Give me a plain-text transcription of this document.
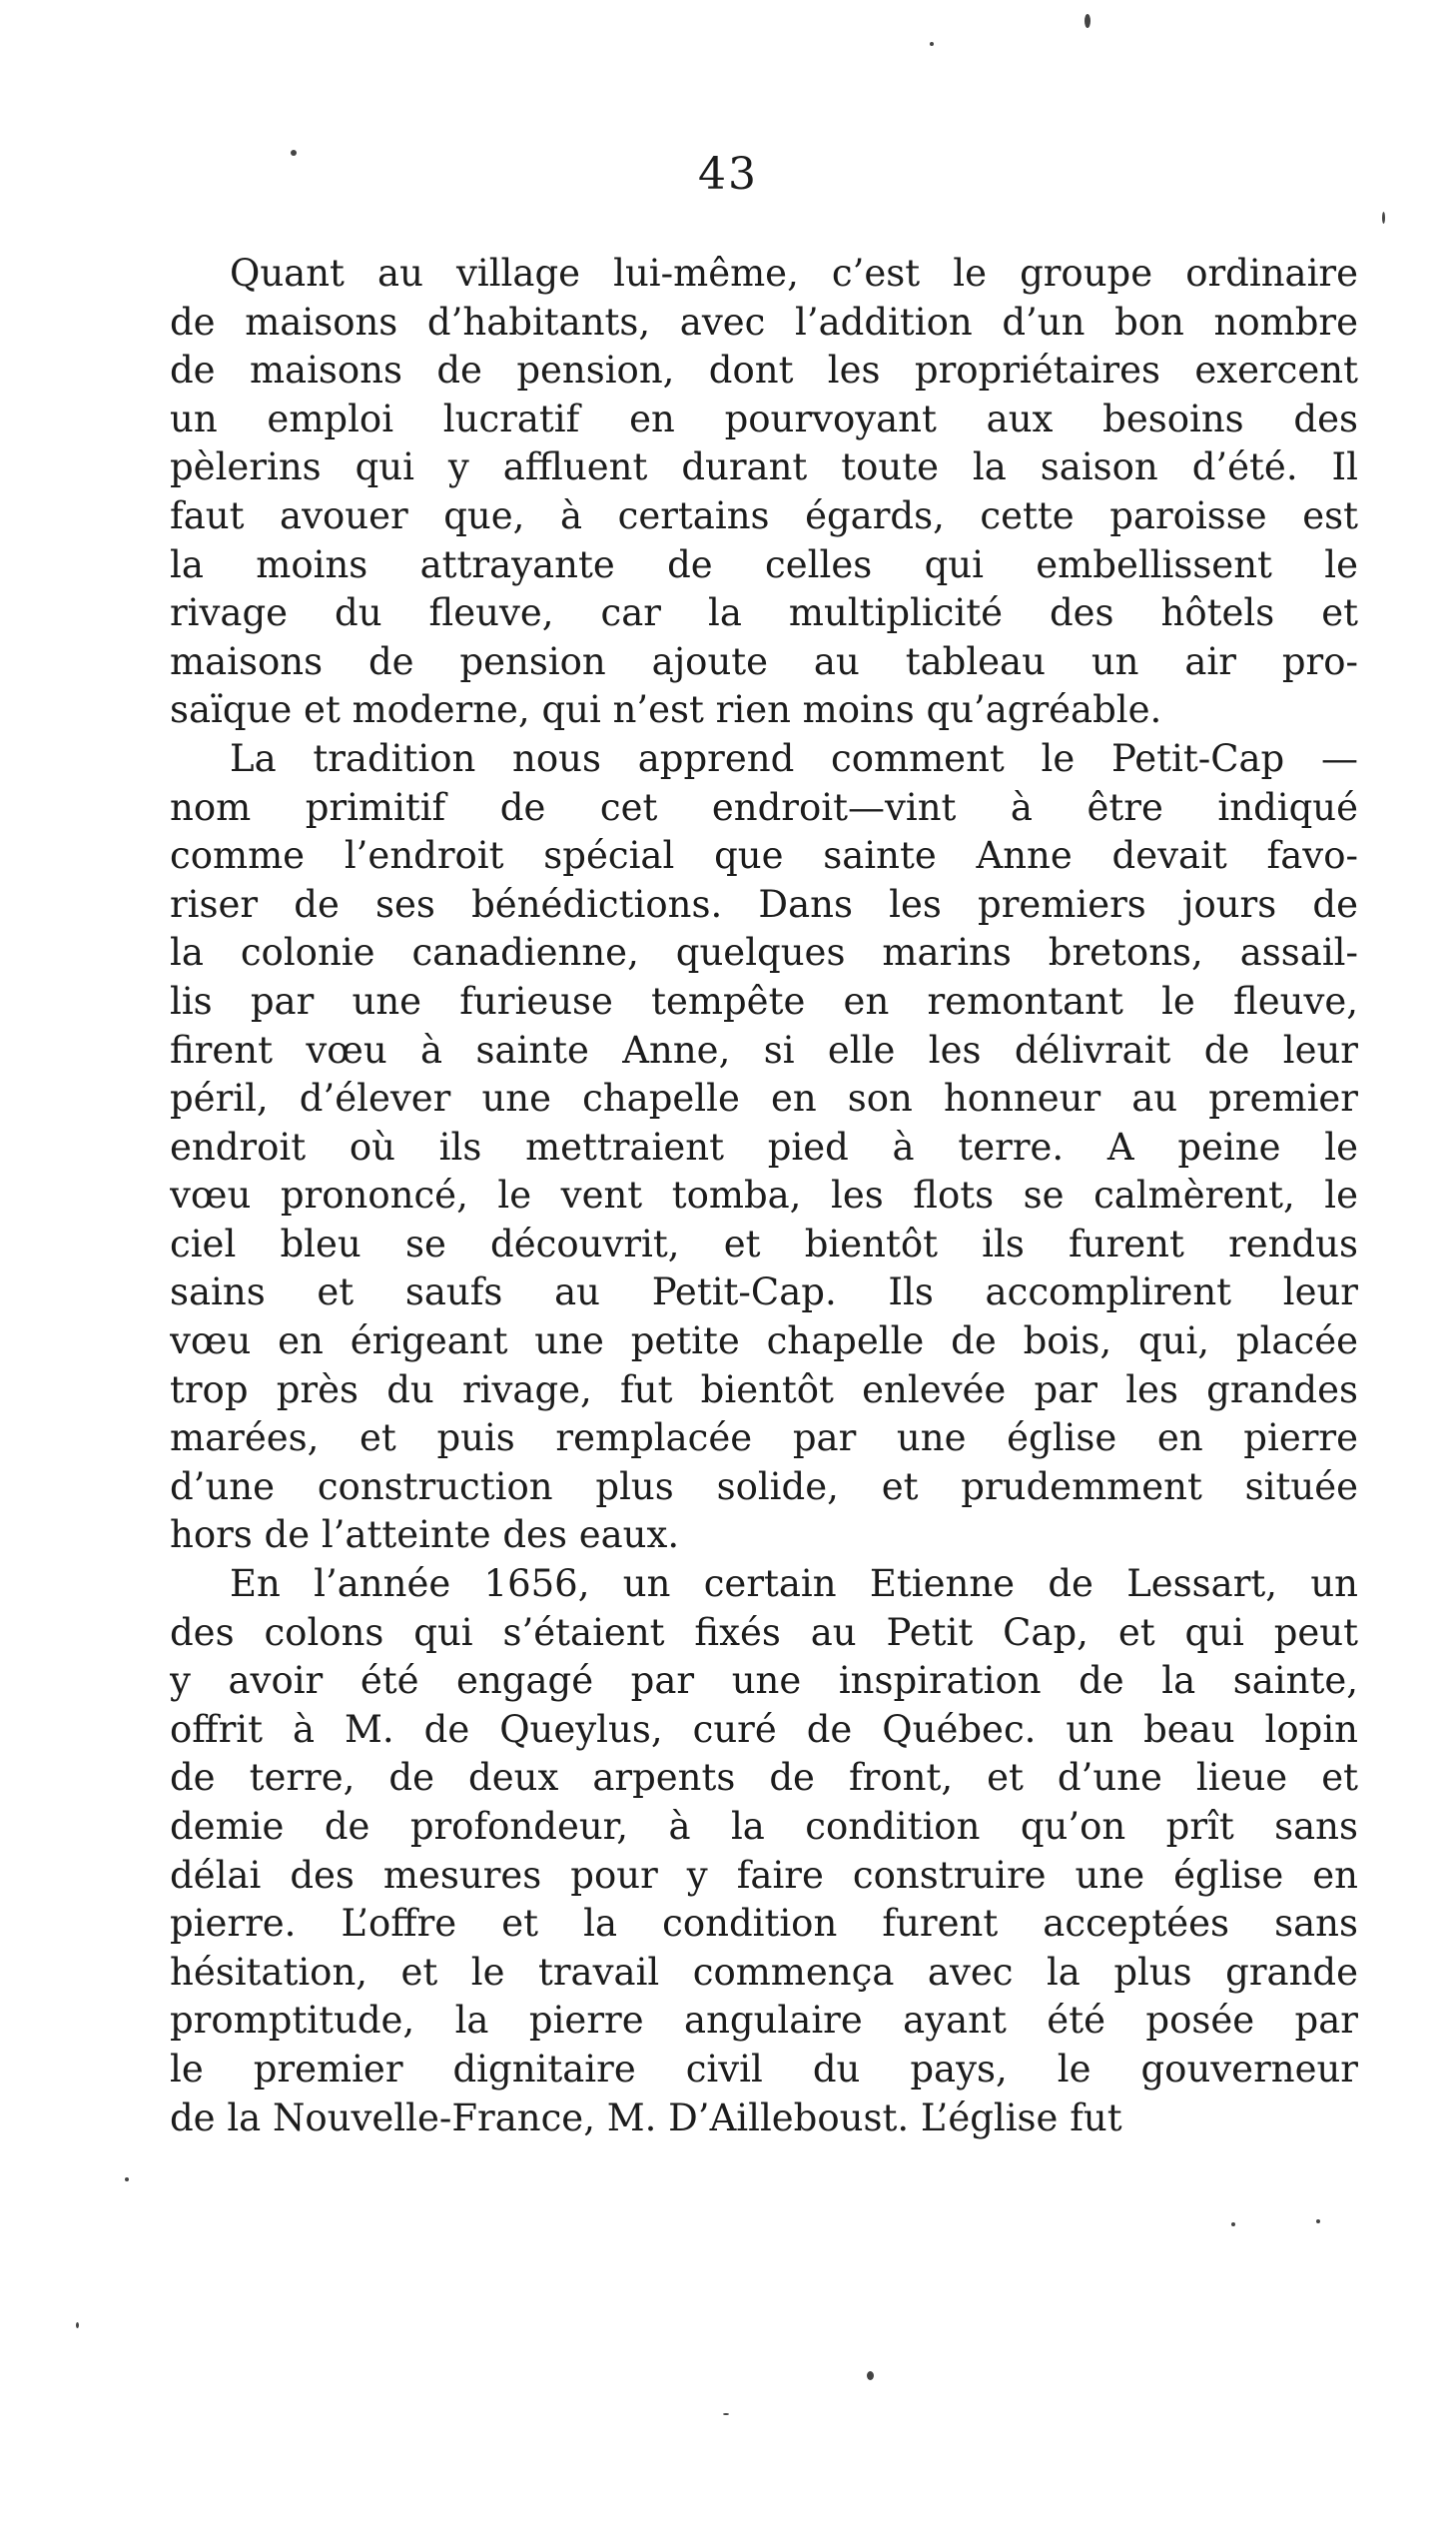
43
Quant au village lui-même, c’est le groupe ordinaire
de maisons d’habitants, avec l’addition d’un bon nombre
de maisons de pension, dont les propriétaires exercent
un emploi lucratif en pourvoyant aux besoins des
pèlerins qui y affluent durant toute la saison d’été. Il
faut avouer que, à certains égards, cette paroisse est
la moins attrayante de celles qui embellissent le
rivage du fleuve, car la multiplicité des hôtels et
maisons de pension ajoute au tableau un air pro-
saïque et moderne, qui n’est rien moins qu’agréable.
La tradition nous apprend comment le Petit-Cap —
nom primitif de cet endroit—vint à être indiqué
comme l’endroit spécial que sainte Anne devait favo-
riser de ses bénédictions. Dans les premiers jours de
la colonie canadienne, quelques marins bretons, assail-
lis par une furieuse tempête en remontant le fleuve,
firent vœu à sainte Anne, si elle les délivrait de leur
péril, d’élever une chapelle en son honneur au premier
endroit où ils mettraient pied à terre. A peine le
vœu prononcé, le vent tomba, les flots se calmèrent, le
ciel bleu se découvrit, et bientôt ils furent rendus
sains et saufs au Petit-Cap. Ils accomplirent leur
vœu en érigeant une petite chapelle de bois, qui, placée
trop près du rivage, fut bientôt enlevée par les grandes
marées, et puis remplacée par une église en pierre
d’une construction plus solide, et prudemment située
hors de l’atteinte des eaux.
En l’année 1656, un certain Etienne de Lessart, un
des colons qui s’étaient fixés au Petit Cap, et qui peut
y avoir été engagé par une inspiration de la sainte,
offrit à M. de Queylus, curé de Québec. un beau lopin
de terre, de deux arpents de front, et d’une lieue et
demie de profondeur, à la condition qu’on prît sans
délai des mesures pour y faire construire une église en
pierre. L’offre et la condition furent acceptées sans
hésitation, et le travail commença avec la plus grande
promptitude, la pierre angulaire ayant été posée par
le premier dignitaire civil du pays, le gouverneur
de la Nouvelle-France, M. D’Ailleboust. L’église fut
